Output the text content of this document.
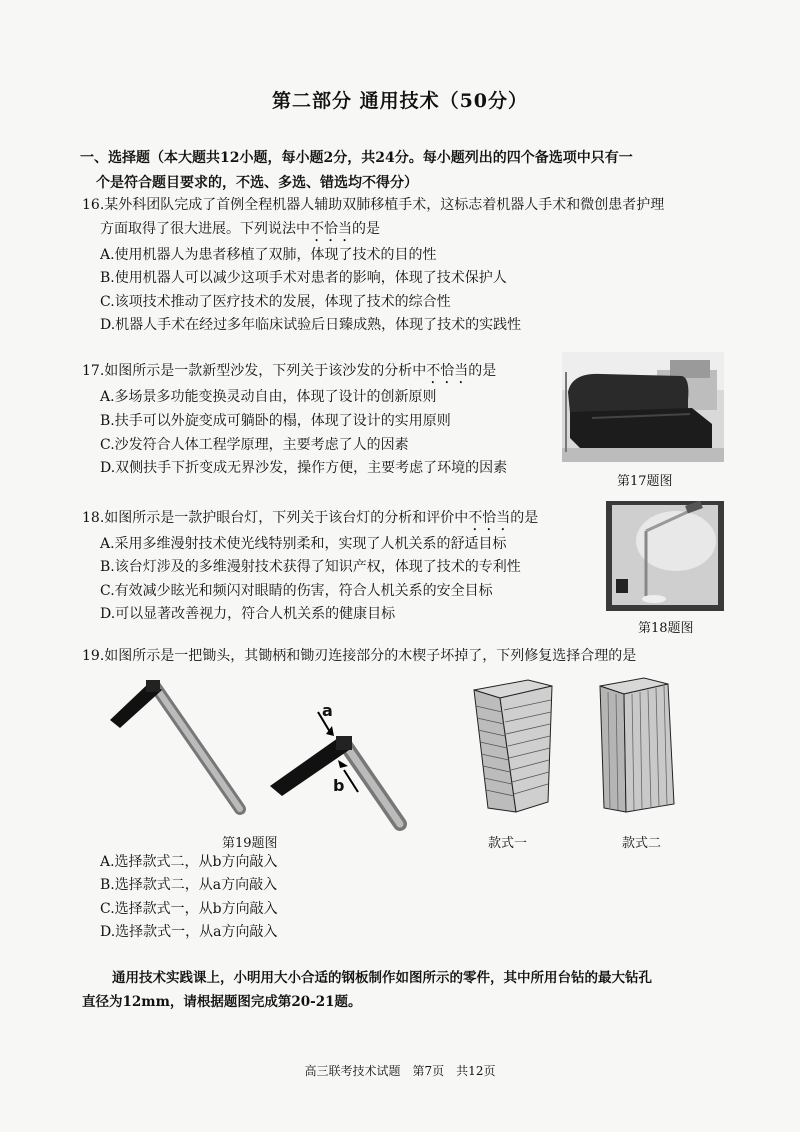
第二部分 通用技术（50分）
一、选择题（本大题共12小题，每小题2分，共24分。每小题列出的四个备选项中只有一
个是符合题目要求的，不选、多选、错选均不得分）
16.某外科团队完成了首例全程机器人辅助双肺移植手术，这标志着机器人手术和微创患者护理
方面取得了很大进展。下列说法中不恰当的是
A.使用机器人为患者移植了双肺，体现了技术的目的性
B.使用机器人可以减少这项手术对患者的影响，体现了技术保护人
C.该项技术推动了医疗技术的发展，体现了技术的综合性
D.机器人手术在经过多年临床试验后日臻成熟，体现了技术的实践性
17.如图所示是一款新型沙发，下列关于该沙发的分析中不恰当的是
A.多场景多功能变换灵动自由，体现了设计的创新原则
B.扶手可以外旋变成可躺卧的榻，体现了设计的实用原则
C.沙发符合人体工程学原理，主要考虑了人的因素
D.双侧扶手下折变成无界沙发，操作方便，主要考虑了环境的因素
第17题图
18.如图所示是一款护眼台灯，下列关于该台灯的分析和评价中不恰当的是
A.采用多维漫射技术使光线特别柔和，实现了人机关系的舒适目标
B.该台灯涉及的多维漫射技术获得了知识产权，体现了技术的专利性
C.有效减少眩光和频闪对眼睛的伤害，符合人机关系的安全目标
D.可以显著改善视力，符合人机关系的健康目标
第18题图
19.如图所示是一把锄头，其锄柄和锄刃连接部分的木楔子坏掉了，下列修复选择合理的是
a
b
第19题图	款式一	款式二
A.选择款式二，从b方向敲入
B.选择款式二，从a方向敲入
C.选择款式一，从b方向敲入
D.选择款式一，从a方向敲入
通用技术实践课上，小明用大小合适的钢板制作如图所示的零件，其中所用台钻的最大钻孔
直径为12mm，请根据题图完成第20-21题。
高三联考技术试题　第7页　共12页
